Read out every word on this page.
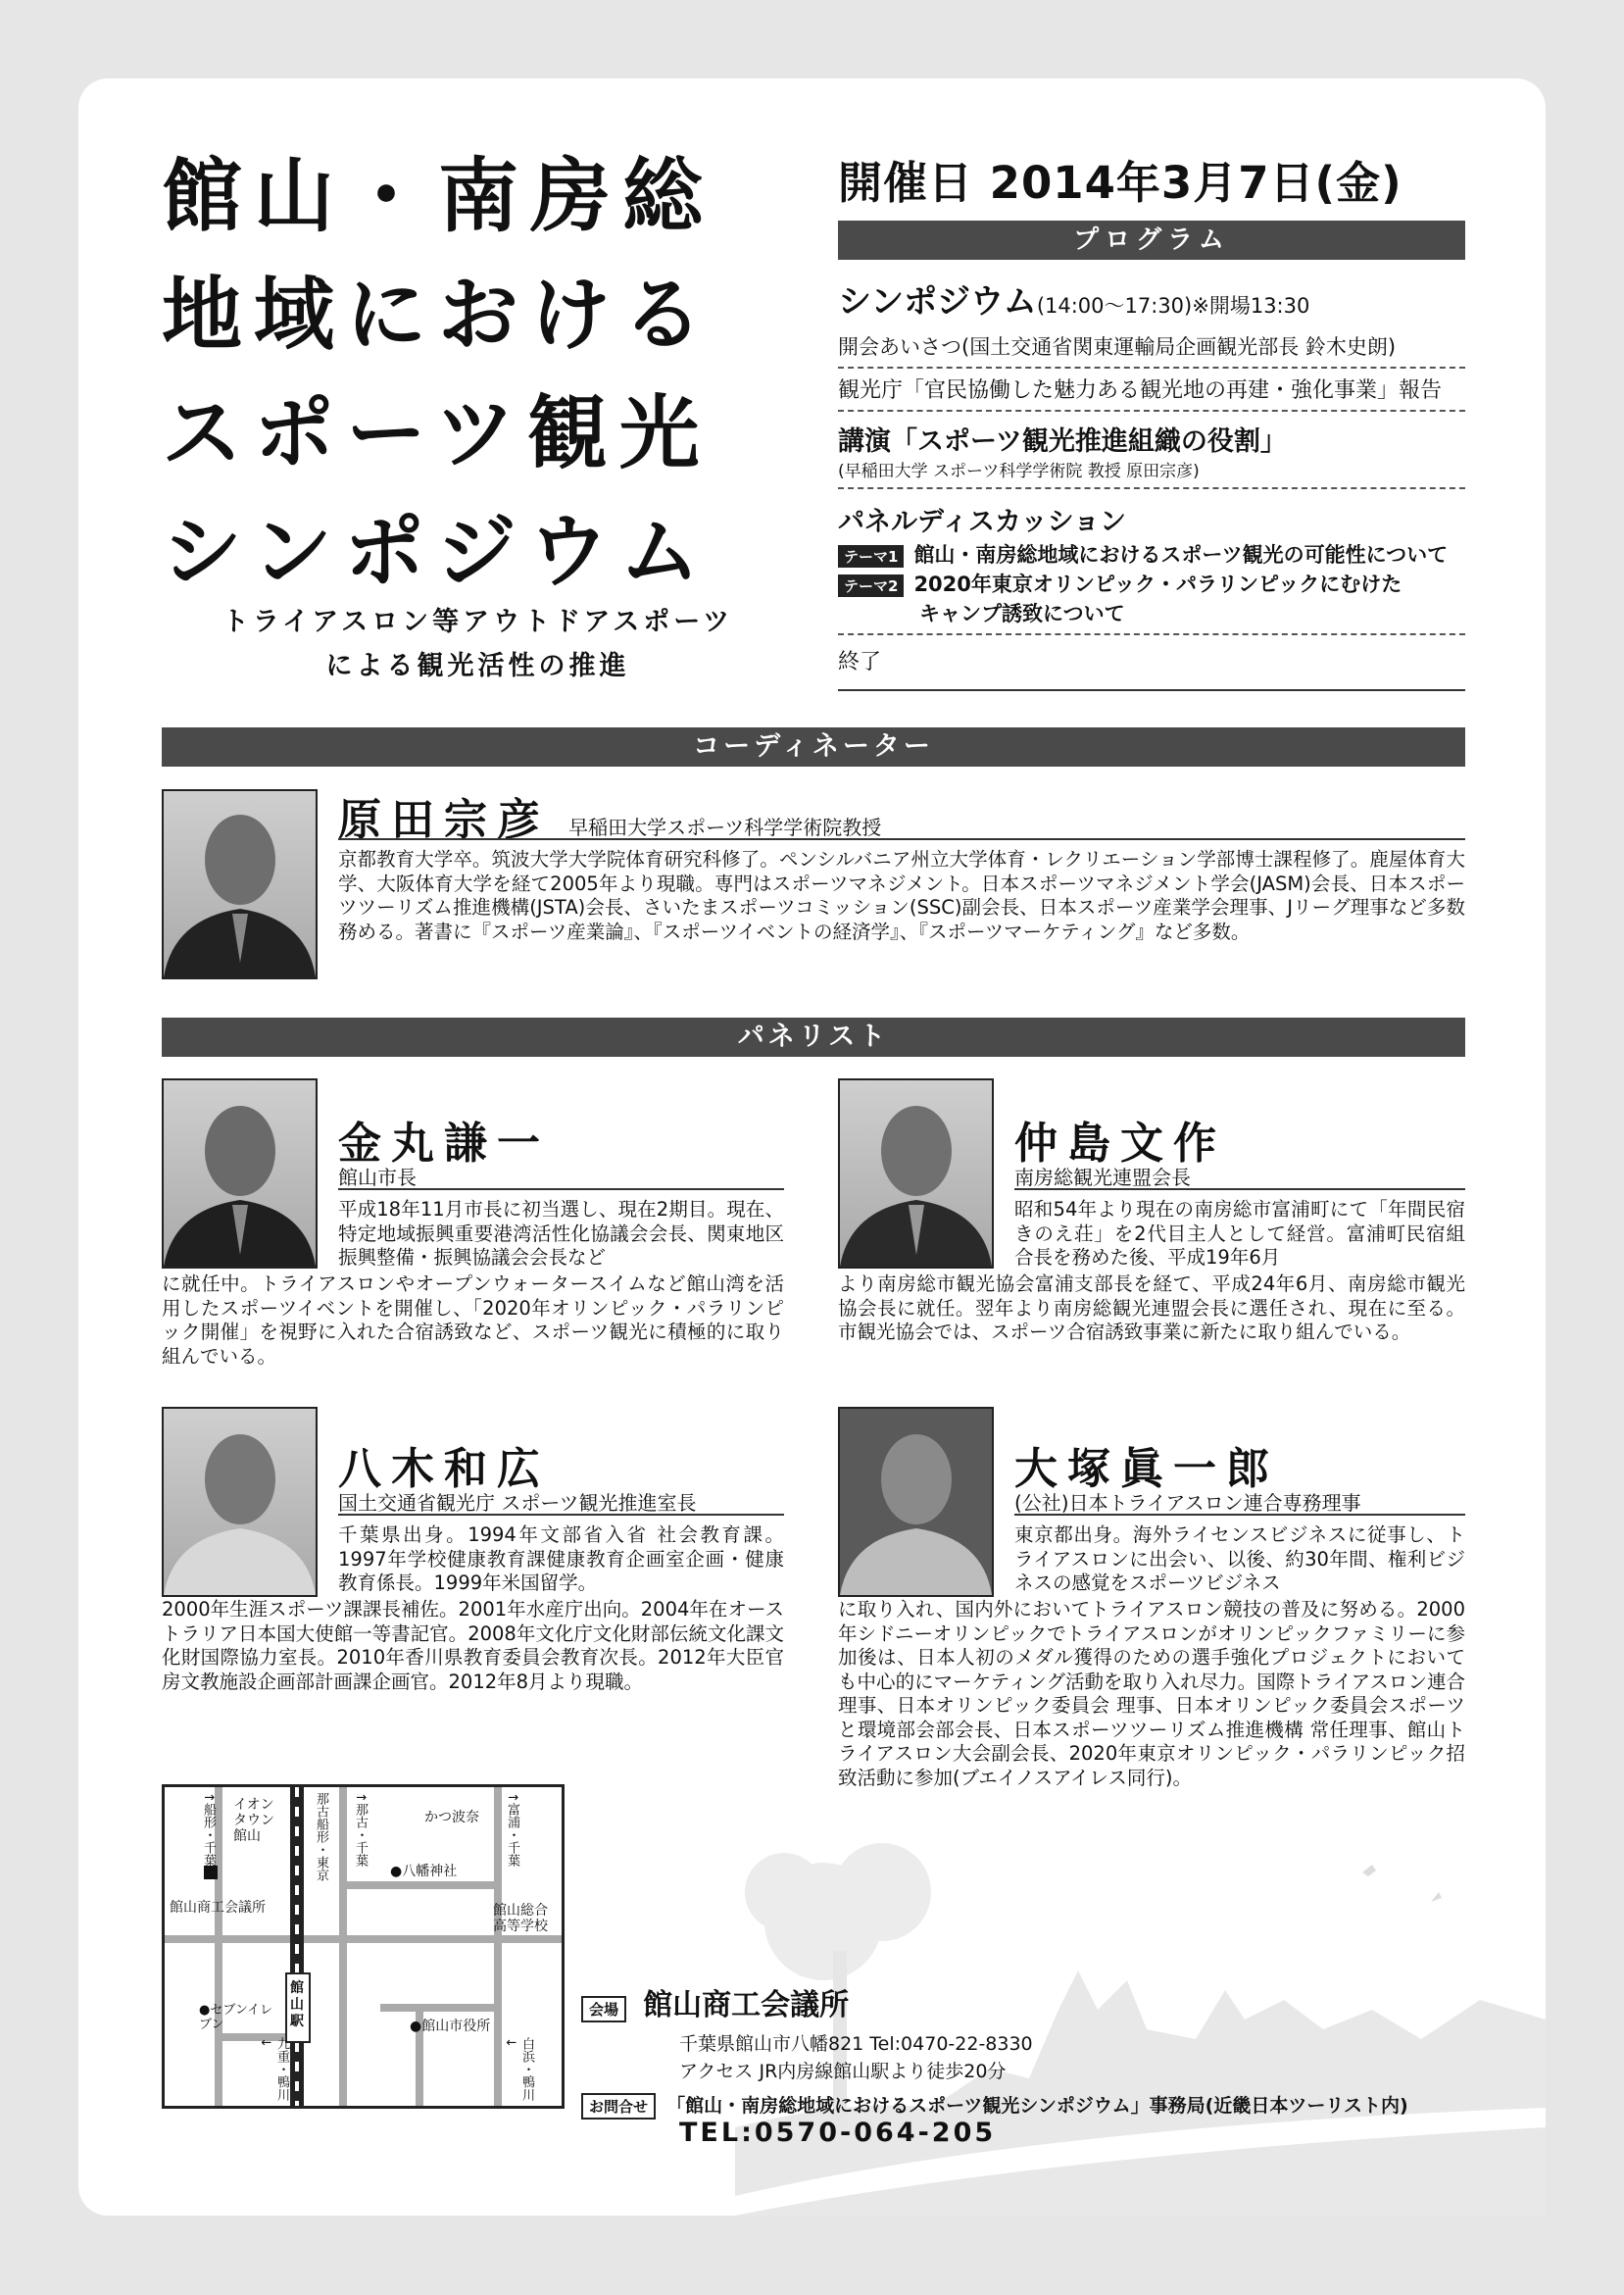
館山・南房総
地域における
スポーツ観光
シンポジウム
トライアスロン等アウトドアスポーツ
による観光活性の推進
開催日 2014年3月7日(金)
プログラム
シンポジウム(14:00〜17:30)※開場13:30
開会あいさつ(国土交通省関東運輸局企画観光部長 鈴木史朗)
観光庁「官民協働した魅力ある観光地の再建・強化事業」報告
講演「スポーツ観光推進組織の役割」
(早稲田大学 スポーツ科学学術院 教授 原田宗彦)
パネルディスカッション
テーマ1 館山・南房総地域におけるスポーツ観光の可能性について
テーマ2 2020年東京オリンピック・パラリンピックにむけた
キャンプ誘致について
終了
コーディネーター
原田宗彦 早稲田大学スポーツ科学学術院教授
京都教育大学卒。筑波大学大学院体育研究科修了。ペンシルバニア州立大学体育・レクリエーション学部博士課程修了。鹿屋体育大学、大阪体育大学を経て2005年より現職。専門はスポーツマネジメント。日本スポーツマネジメント学会(JASM)会長、日本スポーツツーリズム推進機構(JSTA)会長、さいたまスポーツコミッション(SSC)副会長、日本スポーツ産業学会理事、Jリーグ理事など多数務める。著書に『スポーツ産業論』、『スポーツイベントの経済学』、『スポーツマーケティング』など多数。
パネリスト
金丸謙一
館山市長
平成18年11月市長に初当選し、現在2期目。現在、特定地域振興重要港湾活性化協議会会長、関東地区振興整備・振興協議会会長など
に就任中。トライアスロンやオープンウォータースイムなど館山湾を活用したスポーツイベントを開催し、「2020年オリンピック・パラリンピック開催」を視野に入れた合宿誘致など、スポーツ観光に積極的に取り組んでいる。
仲島文作
南房総観光連盟会長
昭和54年より現在の南房総市富浦町にて「年間民宿 きのえ荘」を2代目主人として経営。富浦町民宿組合長を務めた後、平成19年6月
より南房総市観光協会富浦支部長を経て、平成24年6月、南房総市観光協会長に就任。翌年より南房総観光連盟会長に選任され、現在に至る。市観光協会では、スポーツ合宿誘致事業に新たに取り組んでいる。
八木和広
国土交通省観光庁 スポーツ観光推進室長
千葉県出身。1994年文部省入省 社会教育課。1997年学校健康教育課健康教育企画室企画・健康教育係長。1999年米国留学。
2000年生涯スポーツ課課長補佐。2001年水産庁出向。2004年在オーストラリア日本国大使館一等書記官。2008年文化庁文化財部伝統文化課文化財国際協力室長。2010年香川県教育委員会教育次長。2012年大臣官房文教施設企画部計画課企画官。2012年8月より現職。
大塚眞一郎
(公社)日本トライアスロン連合専務理事
東京都出身。海外ライセンスビジネスに従事し、トライアスロンに出会い、以後、約30年間、権利ビジネスの感覚をスポーツビジネス
に取り入れ、国内外においてトライアスロン競技の普及に努める。2000年シドニーオリンピックでトライアスロンがオリンピックファミリーに参加後は、日本人初のメダル獲得のための選手強化プロジェクトにおいても中心的にマーケティング活動を取り入れ尽力。国際トライアスロン連合 理事、日本オリンピック委員会 理事、日本オリンピック委員会スポーツと環境部会部会長、日本スポーツツーリズム推進機構 常任理事、館山トライアスロン大会副会長、2020年東京オリンピック・パラリンピック招致活動に参加(ブエイノスアイレス同行)。
↑船形・千葉	那古船形・東京 ↑那古・千葉	↑富浦・千葉
イオンタウン館山
かつ波奈
●八幡神社
館山商工会議所	館山総合高等学校
●セブンイレブン
館山駅	●館山市役所
九重・鴨川↓	白浜・鴨川↓
会場 館山商工会議所
千葉県館山市八幡821 Tel:0470-22-8330
アクセス JR内房線館山駅より徒歩20分
お問合せ 「館山・南房総地域におけるスポーツ観光シンポジウム」事務局(近畿日本ツーリスト内)
TEL:0570-064-205
